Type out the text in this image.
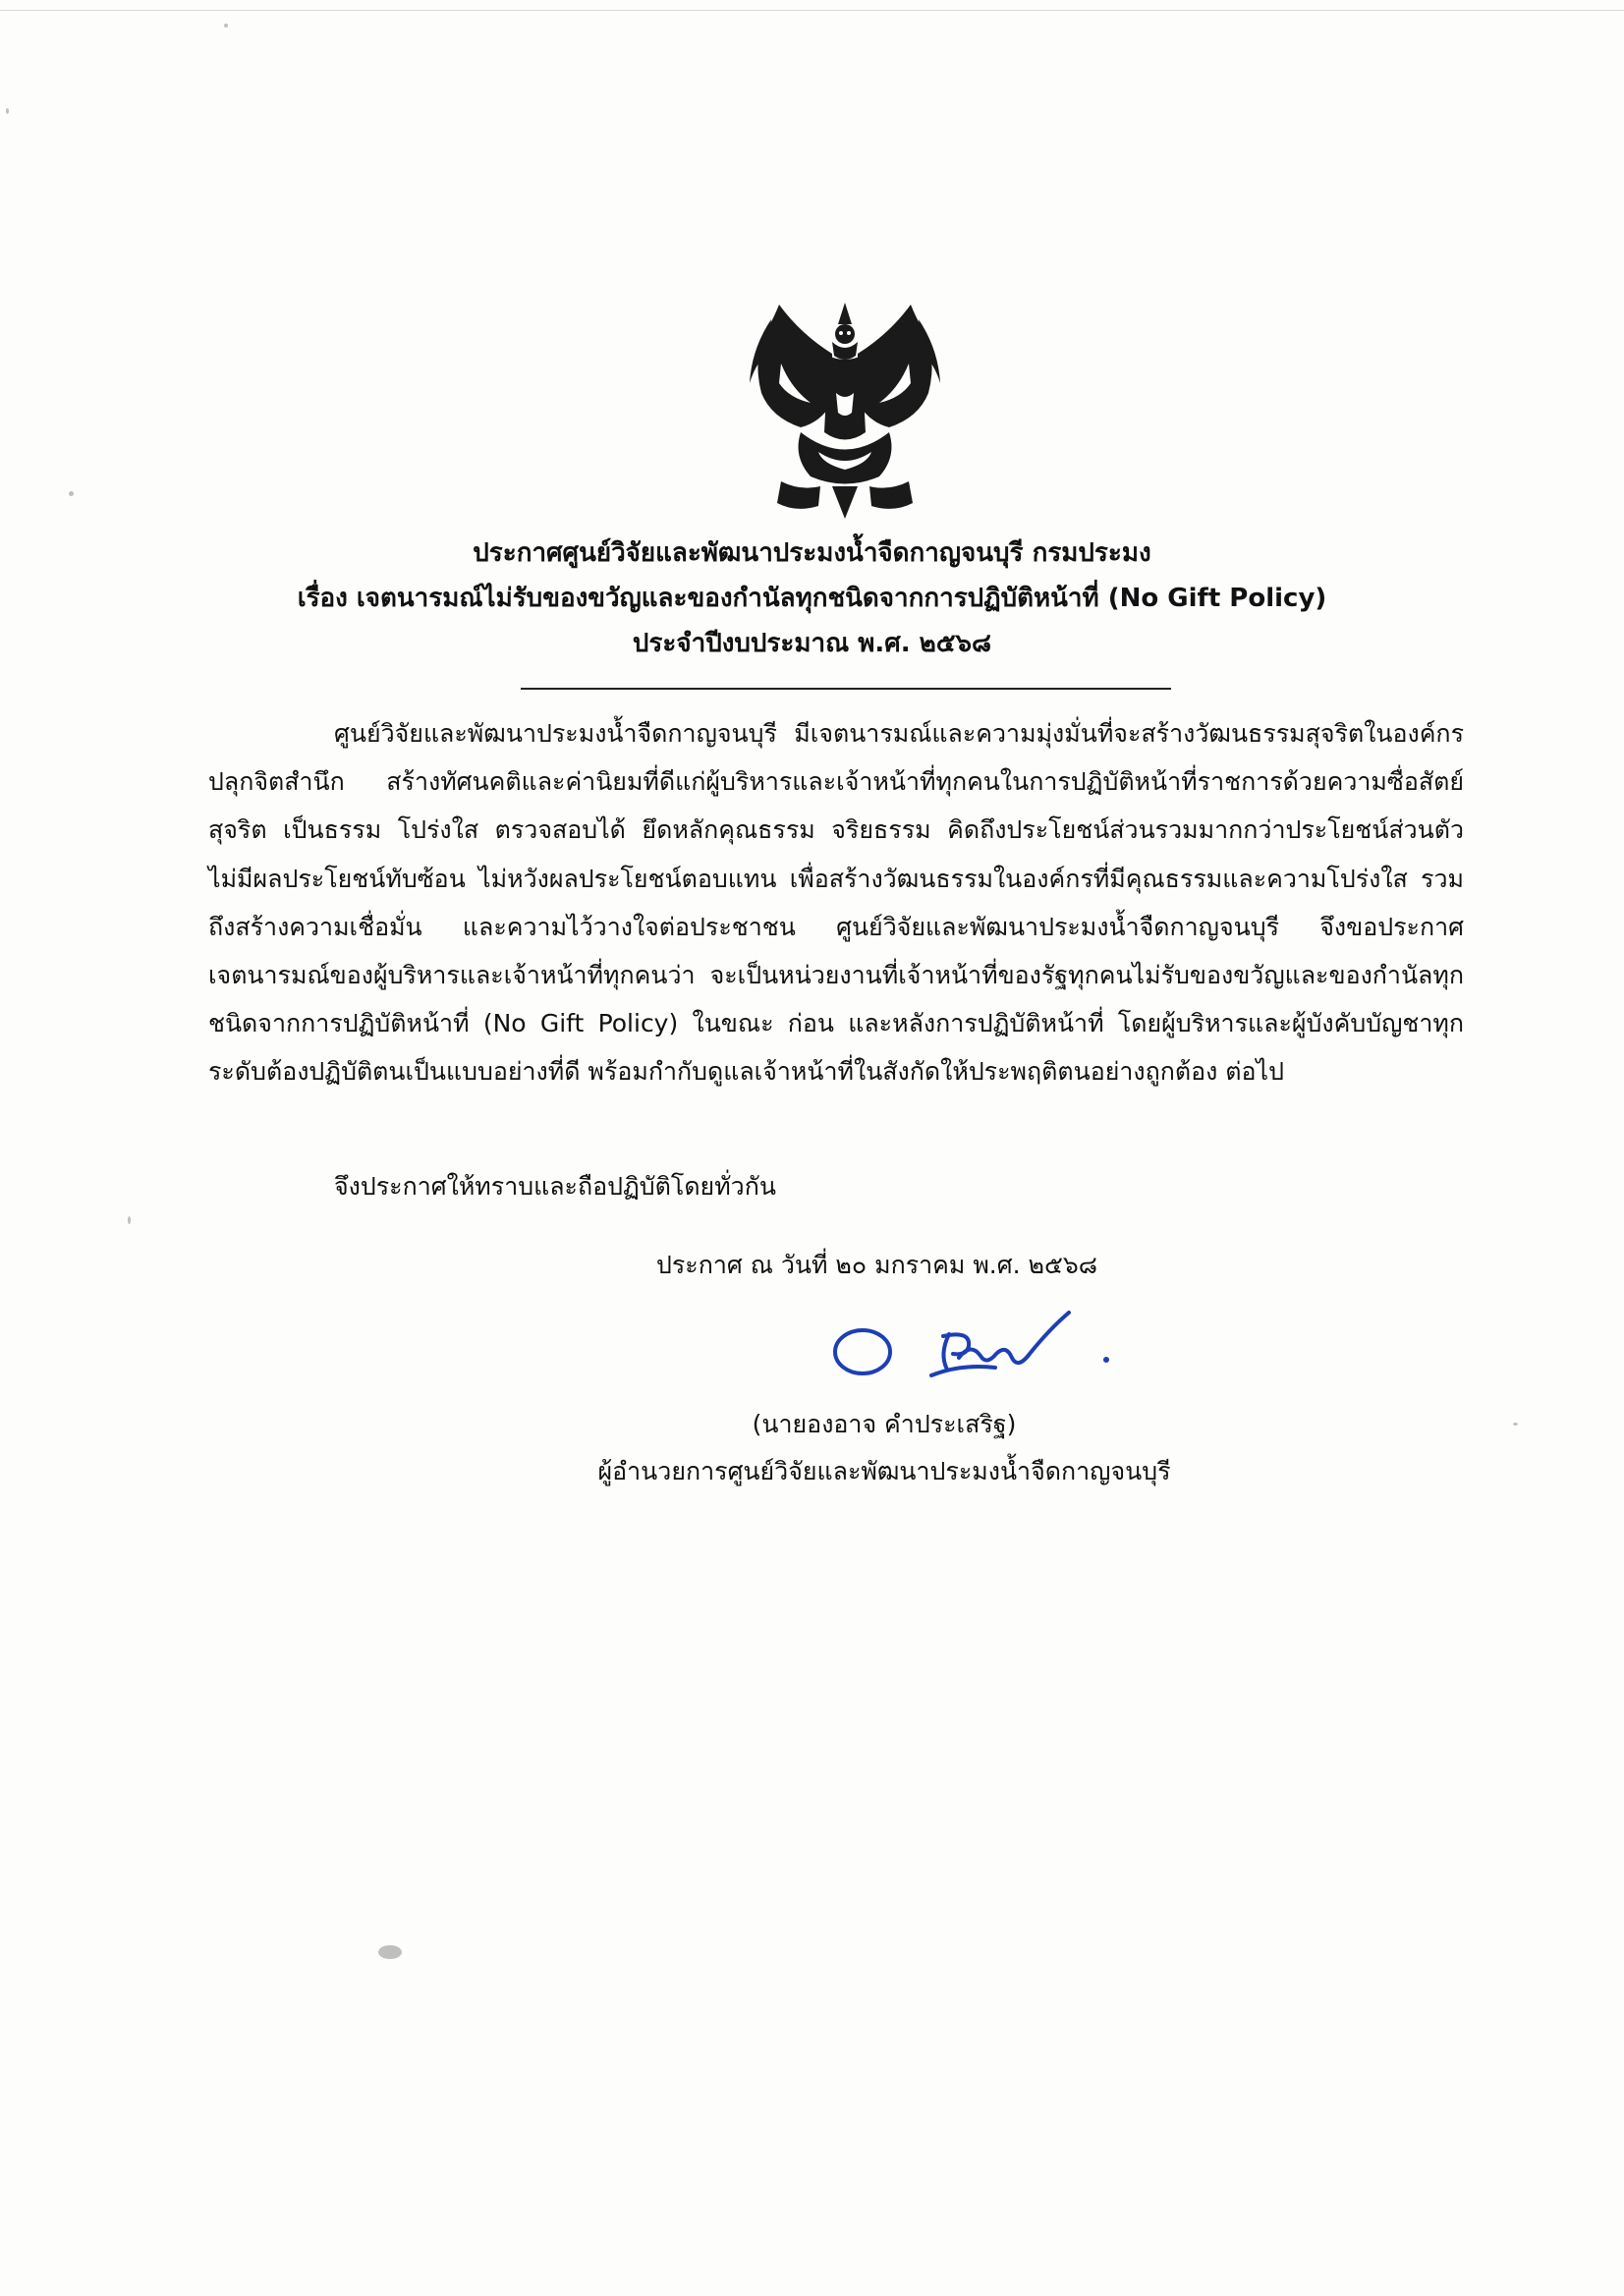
ประกาศศูนย์วิจัยและพัฒนาประมงน้ำจืดกาญจนบุรี กรมประมง
เรื่อง เจตนารมณ์ไม่รับของขวัญและของกำนัลทุกชนิดจากการปฏิบัติหน้าที่ (No Gift Policy)
ประจำปีงบประมาณ พ.ศ. ๒๕๖๘
ศูนย์วิจัยและพัฒนาประมงน้ำจืดกาญจนบุรี มีเจตนารมณ์และความมุ่งมั่นที่จะสร้างวัฒนธรรมสุจริตในองค์กร ปลุกจิตสำนึก สร้างทัศนคติและค่านิยมที่ดีแก่ผู้บริหารและเจ้าหน้าที่ทุกคนในการปฏิบัติหน้าที่ราชการด้วยความซื่อสัตย์สุจริต เป็นธรรม โปร่งใส ตรวจสอบได้ ยึดหลักคุณธรรม จริยธรรม คิดถึงประโยชน์ส่วนรวมมากกว่าประโยชน์ส่วนตัว ไม่มีผลประโยชน์ทับซ้อน ไม่หวังผลประโยชน์ตอบแทน เพื่อสร้างวัฒนธรรมในองค์กรที่มีคุณธรรมและความโปร่งใส รวมถึงสร้างความเชื่อมั่น และความไว้วางใจต่อประชาชน ศูนย์วิจัยและพัฒนาประมงน้ำจืดกาญจนบุรี จึงขอประกาศเจตนารมณ์ของผู้บริหารและเจ้าหน้าที่ทุกคนว่า จะเป็นหน่วยงานที่เจ้าหน้าที่ของรัฐทุกคนไม่รับของขวัญและของกำนัลทุกชนิดจากการปฏิบัติหน้าที่ (No Gift Policy) ในขณะ ก่อน และหลังการปฏิบัติหน้าที่ โดยผู้บริหารและผู้บังคับบัญชาทุกระดับต้องปฏิบัติตนเป็นแบบอย่างที่ดี พร้อมกำกับดูแลเจ้าหน้าที่ในสังกัดให้ประพฤติตนอย่างถูกต้อง ต่อไป
จึงประกาศให้ทราบและถือปฏิบัติโดยทั่วกัน
ประกาศ ณ วันที่ ๒๐ มกราคม พ.ศ. ๒๕๖๘
(นายองอาจ คำประเสริฐ)
ผู้อำนวยการศูนย์วิจัยและพัฒนาประมงน้ำจืดกาญจนบุรี
